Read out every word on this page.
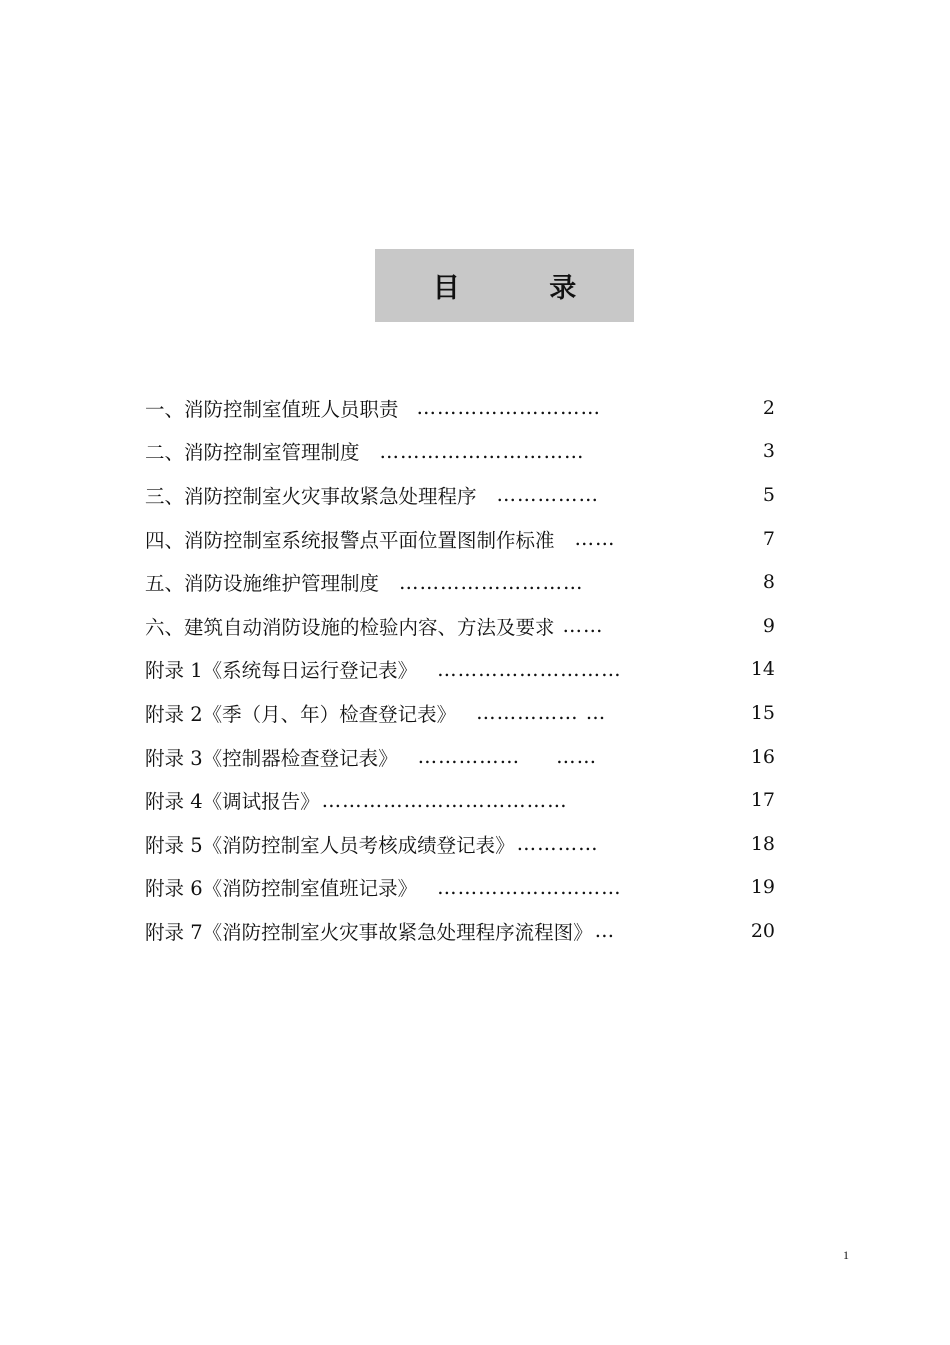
目 录
一、消防控制室值班人员职责 ………………………	2
二、消防控制室管理制度 …………………………	3
三、消防控制室火灾事故紧急处理程序 ……………	5
四、消防控制室系统报警点平面位置图制作标准 ……	7
五、消防设施维护管理制度 ………………………	8
六、建筑自动消防设施的检验内容、方法及要求 ……	9
附录 1《系统每日运行登记表》 ………………………	14
附录 2《季（月、年）检查登记表》 …………… …	15
附录 3《控制器检查登记表》 ……………     ……	16
附录 4《调试报告》 ………………………………	17
附录 5《消防控制室人员考核成绩登记表》 …………	18
附录 6《消防控制室值班记录》 ………………………	19
附录 7《消防控制室火灾事故紧急处理程序流程图》 …	20
1
